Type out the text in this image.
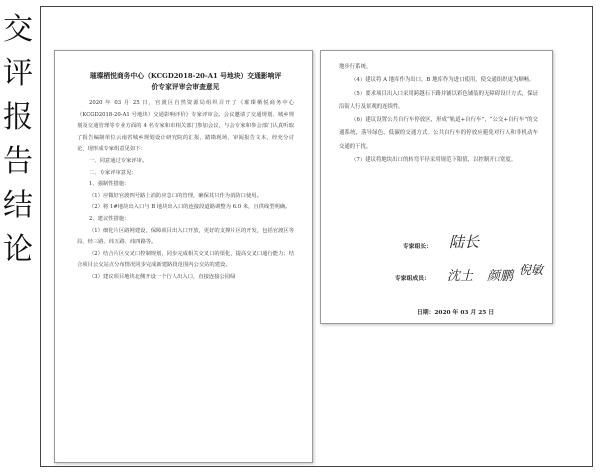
交
评
报
告
结
论

璀璨栖悦商务中心（KCGD2018-20-A1 号地块）交通影响评
价专家评审会审查意见

2020 年 03 月 25 日，官渡区自然资源局组织召开了《璀璨栖悦商务中心（KCGD2018-20-A1 号地块）交通影响评价》专家评审会。会议邀请了交通规划、城乡规划及交通管理等专业方面的 4 名专家和市相关部门参加会议，与会专家和参会部门认真听取了报告编制单位云南省城乡规划设计研究院的汇报，踏勘现场，审阅报告文本，经充分讨论，现形成专家组意见如下：

一、同意通过专家评审。

二、专家评审意见：

1、强制性措施：

（1）应做好官渡四号路上消防应急口的管理，确保其只作为消防口使用。

（2）将 1#地块出入口与 B 地块出入口的连接段道路调整为 6.0 米，且供线型明确。

2、建议性措施：

（1）细化片区路网建设，保障项目出入口开放，更好的支撑片区的开发，包括官渡区等局、经三路、纬五路、纬四路等。

（2）结合片区交叉口控制规划，同步完成相关交叉口的渠化，提高交叉口通行能力；结合项目公交站点分布情况同步完成新建路段范围内公交站的建设。

（3）建议项目地块北侧开设一个行人出入口，直接连接公园绿

地步行系统。

（4）建议将 A 地库作为出口，B 地库作为进口使用，使交通组织更为顺畅。

（5）要求项目出入口采用跨越石下路并铺以彩色铺装的无障碍设计方式，保证沿街人行及景观的连续性。

（6）建议设置公共自行车停放区，形成“轨道+自行车”，“公交+自行车”的交通系统，落导绿色、低碳的交通方式。公共自行车的停放应避免对行人和非机动车交通的干扰。

（7）建议将地块出口的转弯半径采用规范下限值，以控制开口宽度。

专家组长： 陆长
专家组成员： 沈土 颜鹏 倪敏
日期：2020 年 03 月 25 日
